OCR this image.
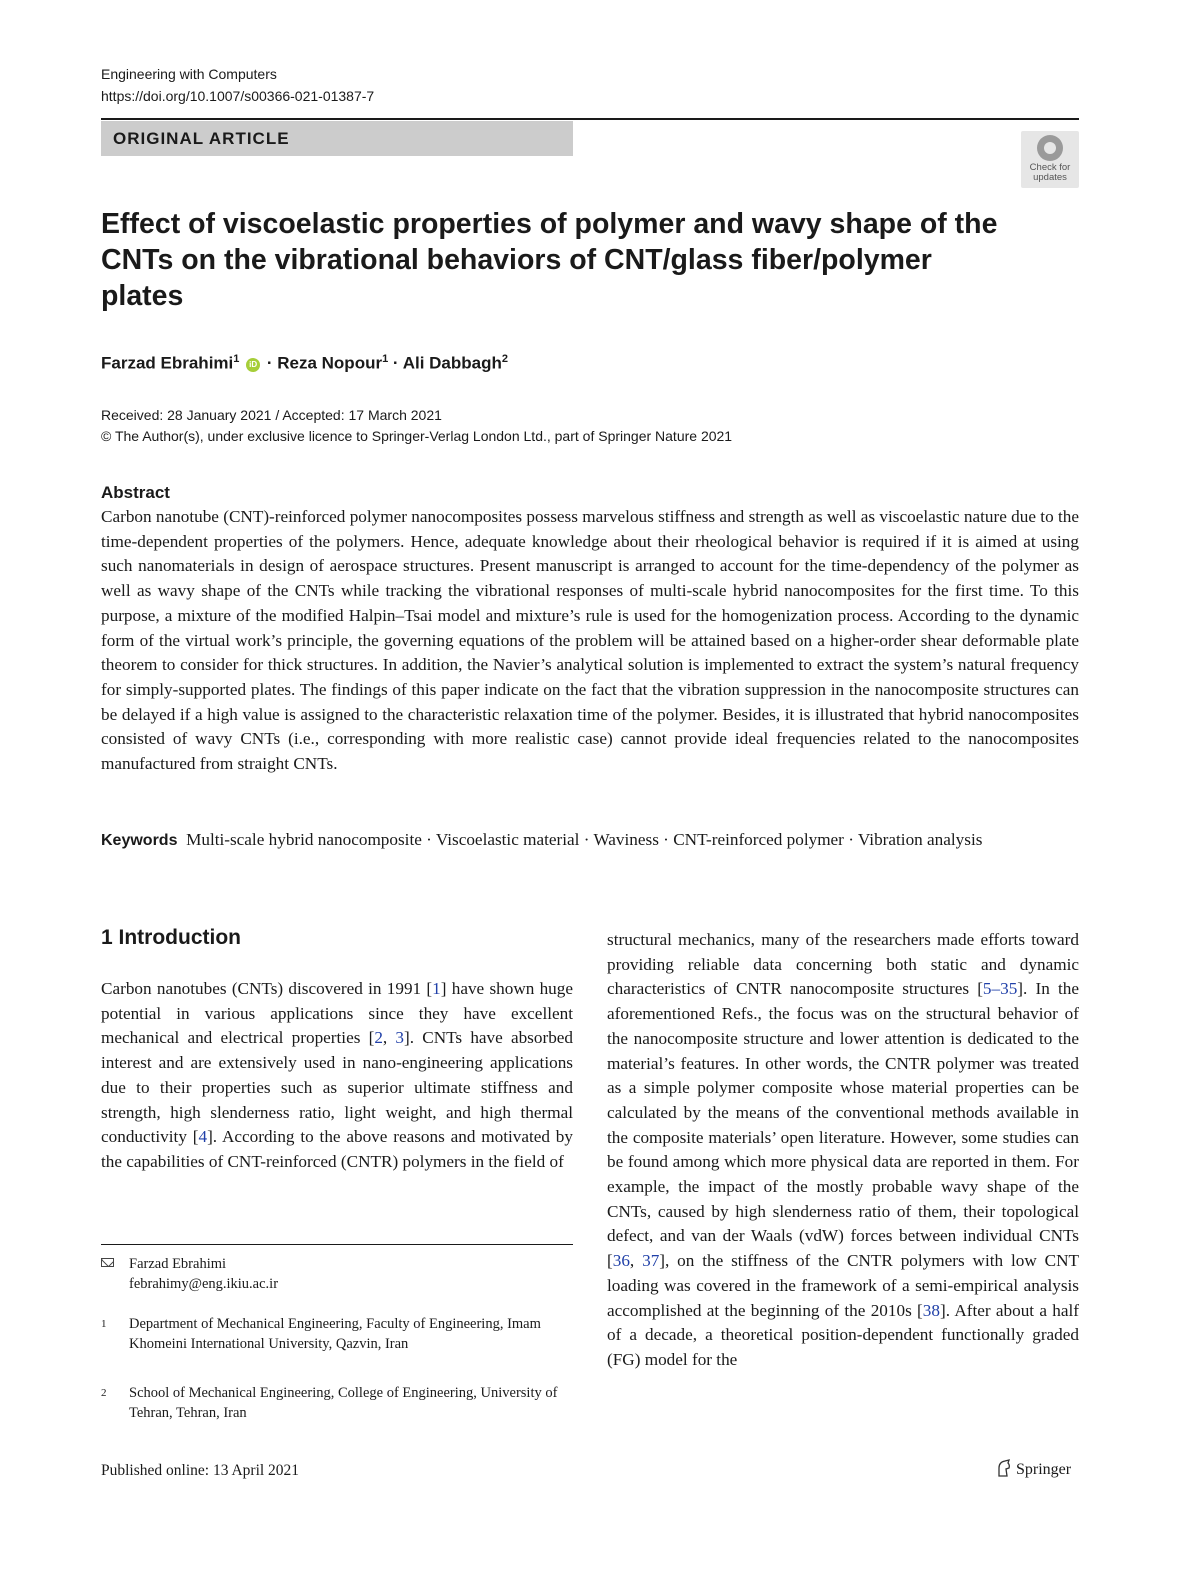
Engineering with Computers
https://doi.org/10.1007/s00366-021-01387-7
ORIGINAL ARTICLE
Check for updates
Effect of viscoelastic properties of polymer and wavy shape of the CNTs on the vibrational behaviors of CNT/glass fiber/polymer plates
Farzad Ebrahimi$^1$ iD · Reza Nopour$^1$ · Ali Dabbagh$^2$
Received: 28 January 2021 / Accepted: 17 March 2021
© The Author(s), under exclusive licence to Springer-Verlag London Ltd., part of Springer Nature 2021
Abstract

Carbon nanotube (CNT)-reinforced polymer nanocomposites possess marvelous stiffness and strength as well as viscoelastic nature due to the time-dependent properties of the polymers. Hence, adequate knowledge about their rheological behavior is required if it is aimed at using such nanomaterials in design of aerospace structures. Present manuscript is arranged to account for the time-dependency of the polymer as well as wavy shape of the CNTs while tracking the vibrational responses of multi-scale hybrid nanocomposites for the first time. To this purpose, a mixture of the modified Halpin–Tsai model and mixture’s rule is used for the homogenization process. According to the dynamic form of the virtual work’s principle, the governing equations of the problem will be attained based on a higher-order shear deformable plate theorem to consider for thick structures. In addition, the Navier’s analytical solution is implemented to extract the system’s natural frequency for simply-supported plates. The findings of this paper indicate on the fact that the vibration suppression in the nanocomposite structures can be delayed if a high value is assigned to the characteristic relaxation time of the polymer. Besides, it is illustrated that hybrid nanocomposites consisted of wavy CNTs (i.e., corresponding with more realistic case) cannot provide ideal frequencies related to the nanocomposites manufactured from straight CNTs.

Keywords Multi-scale hybrid nanocomposite · Viscoelastic material · Waviness · CNT-reinforced polymer · Vibration analysis
1 Introduction

Carbon nanotubes (CNTs) discovered in 1991 [1] have shown huge potential in various applications since they have excellent mechanical and electrical properties [2, 3]. CNTs have absorbed interest and are extensively used in nano-engineering applications due to their properties such as superior ultimate stiffness and strength, high slenderness ratio, light weight, and high thermal conductivity [4]. According to the above reasons and motivated by the capabilities of CNT-reinforced (CNTR) polymers in the field of

structural mechanics, many of the researchers made efforts toward providing reliable data concerning both static and dynamic characteristics of CNTR nanocomposite structures [5–35]. In the aforementioned Refs., the focus was on the structural behavior of the nanocomposite structure and lower attention is dedicated to the material’s features. In other words, the CNTR polymer was treated as a simple polymer composite whose material properties can be calculated by the means of the conventional methods available in the composite materials’ open literature. However, some studies can be found among which more physical data are reported in them. For example, the impact of the mostly probable wavy shape of the CNTs, caused by high slenderness ratio of them, their topological defect, and van der Waals (vdW) forces between individual CNTs [36, 37], on the stiffness of the CNTR polymers with low CNT loading was covered in the framework of a semi-empirical analysis accomplished at the beginning of the 2010s [38]. After about a half of a decade, a theoretical position-dependent functionally graded (FG) model for the

Farzad Ebrahimi
febrahimy@eng.ikiu.ac.ir
1 Department of Mechanical Engineering, Faculty of Engineering, Imam Khomeini International University, Qazvin, Iran
2 School of Mechanical Engineering, College of Engineering, University of Tehran, Tehran, Iran
Published online: 13 April 2021	Springer
